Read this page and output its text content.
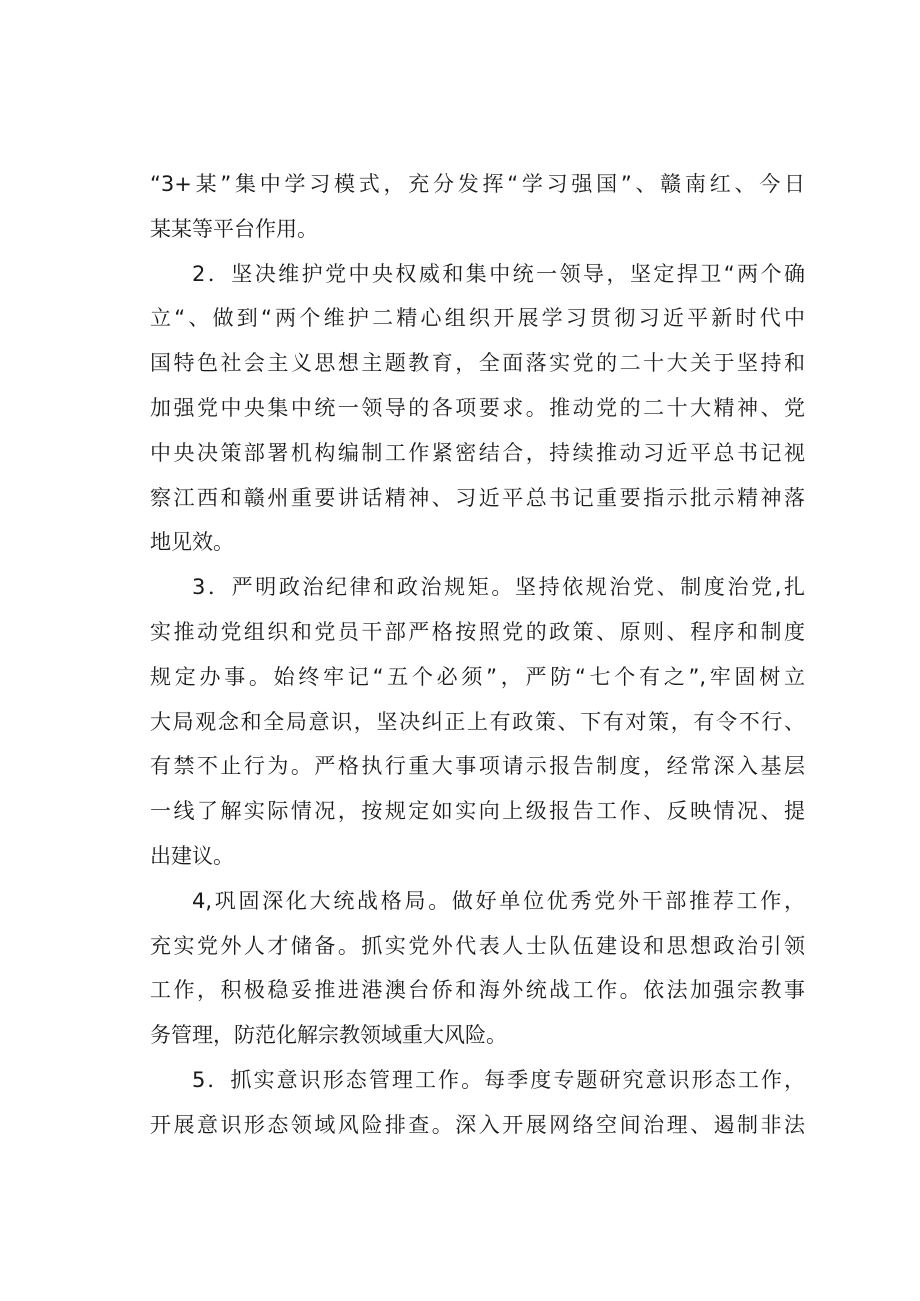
“3+某”集中学习模式，充分发挥“学习强国”、赣南红、今日
某某等平台作用。
2．坚决维护党中央权威和集中统一领导，坚定捍卫“两个确
立“、做到“两个维护二精心组织开展学习贯彻习近平新时代中
国特色社会主义思想主题教育，全面落实党的二十大关于坚持和
加强党中央集中统一领导的各项要求。推动党的二十大精神、党
中央决策部署机构编制工作紧密结合，持续推动习近平总书记视
察江西和赣州重要讲话精神、习近平总书记重要指示批示精神落
地见效。
3．严明政治纪律和政治规矩。坚持依规治党、制度治党,扎
实推动党组织和党员干部严格按照党的政策、原则、程序和制度
规定办事。始终牢记“五个必须”，严防“七个有之”,牢固树立
大局观念和全局意识，坚决纠正上有政策、下有对策，有令不行、
有禁不止行为。严格执行重大事项请示报告制度，经常深入基层
一线了解实际情况，按规定如实向上级报告工作、反映情况、提
出建议。
4,巩固深化大统战格局。做好单位优秀党外干部推荐工作，
充实党外人才储备。抓实党外代表人士队伍建设和思想政治引领
工作，积极稳妥推进港澳台侨和海外统战工作。依法加强宗教事
务管理，防范化解宗教领域重大风险。
5．抓实意识形态管理工作。每季度专题研究意识形态工作，
开展意识形态领域风险排查。深入开展网络空间治理、遏制非法
